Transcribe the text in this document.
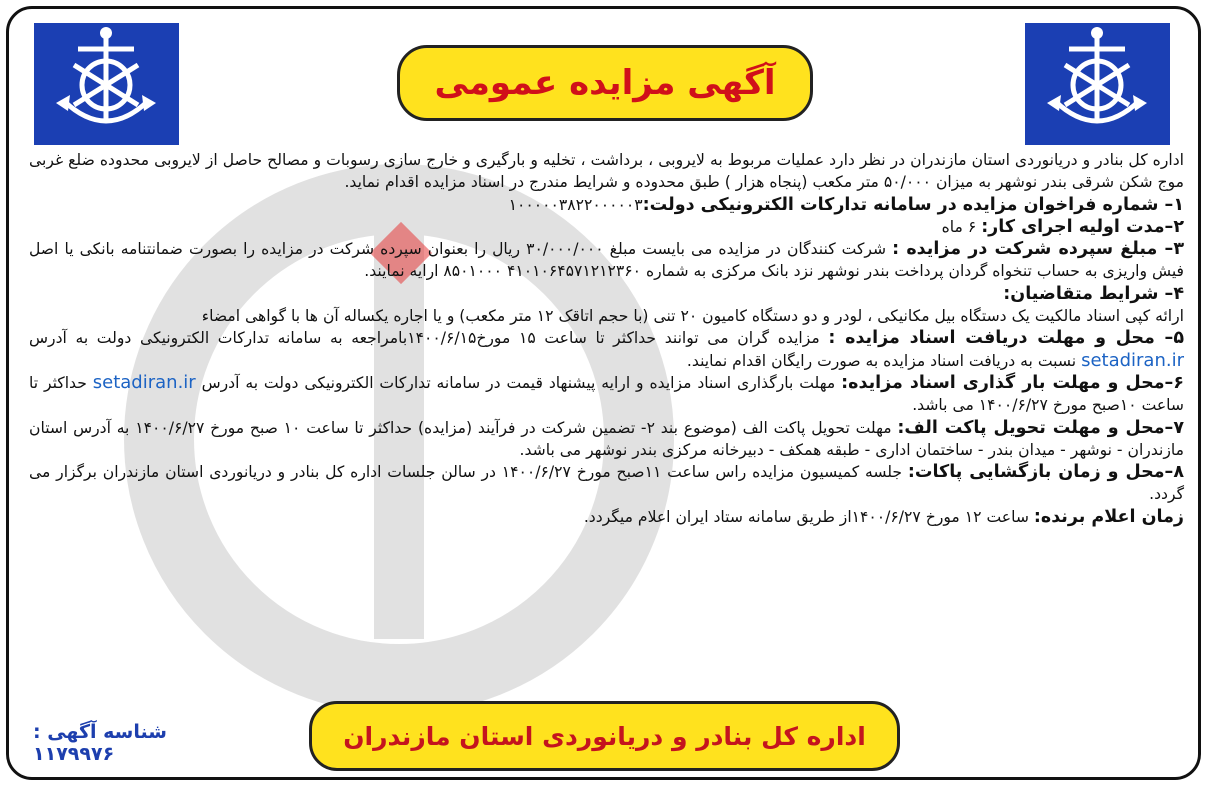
آگهی مزایده عمومی

اداره کل بنادر و دریانوردی استان مازندران در نظر دارد عملیات مربوط به لایروبی ، برداشت ، تخلیه و بارگیری و خارج سازی رسوبات و مصالح حاصل از لایروبی محدوده ضلع غربی موج شکن شرقی بندر نوشهر به میزان ۵۰/۰۰۰ متر مکعب (پنجاه هزار ) طبق محدوده و شرایط مندرج در اسناد مزایده اقدام نماید.

۱– شماره فراخوان مزایده در سامانه تدارکات الکترونیکی دولت:۱۰۰۰۰۰۳۸۲۲۰۰۰۰۰۳

۲–مدت اولیه اجرای کار: ۶ ماه

۳– مبلغ سپرده شرکت در مزایده : شرکت کنندگان در مزایده می بایست مبلغ ۳۰/۰۰۰/۰۰۰ ریال را بعنوان سپرده شرکت در مزایده را بصورت ضمانتنامه بانکی یا اصل فیش واریزی به حساب تنخواه گردان پرداخت بندر نوشهر نزد بانک مرکزی به شماره ۴۱۰۱۰۶۴۵۷۱۲۱۲۳۶۰ ۸۵۰۱۰۰۰ ارایه نمایند.

۴– شرایط متقاضیان:
ارائه کپی اسناد مالکیت یک دستگاه بیل مکانیکی ، لودر و دو دستگاه کامیون ۲۰ تنی (با حجم اتاقک ۱۲ متر مکعب) و یا اجاره یکساله آن ها با گواهی امضاء

۵– محل و مهلت دریافت اسناد مزایده : مزایده گران می توانند حداکثر تا ساعت ۱۵ مورخ۱۴۰۰/۶/۱۵بامراجعه به سامانه تدارکات الکترونیکی دولت به آدرس setadiran.ir نسبت به دریافت اسناد مزایده به صورت رایگان اقدام نمایند.

۶–محل و مهلت بار گذاری اسناد مزایده: مهلت بارگذاری اسناد مزایده و ارایه پیشنهاد قیمت در سامانه تدارکات الکترونیکی دولت به آدرس setadiran.ir حداکثر تا ساعت ۱۰صبح مورخ ۱۴۰۰/۶/۲۷ می باشد.

۷–محل و مهلت تحویل پاکت الف: مهلت تحویل پاکت الف (موضوع بند ۲- تضمین شرکت در فرآیند (مزایده) حداکثر تا ساعت ۱۰ صبح مورخ ۱۴۰۰/۶/۲۷ به آدرس استان مازندران - نوشهر - میدان بندر - ساختمان اداری - طبقه همکف - دبیرخانه مرکزی بندر نوشهر می باشد.

۸–محل و زمان بازگشایی پاکات: جلسه کمیسیون مزایده راس ساعت ۱۱صبح مورخ ۱۴۰۰/۶/۲۷ در سالن جلسات اداره کل بنادر و دریانوردی استان مازندران برگزار می گردد.

زمان اعلام برنده: ساعت ۱۲ مورخ ۱۴۰۰/۶/۲۷از طریق سامانه ستاد ایران اعلام میگردد.

اداره کل بنادر و دریانوردی استان مازندران
شناسه آگهی : ۱۱۷۹۹۷۶
